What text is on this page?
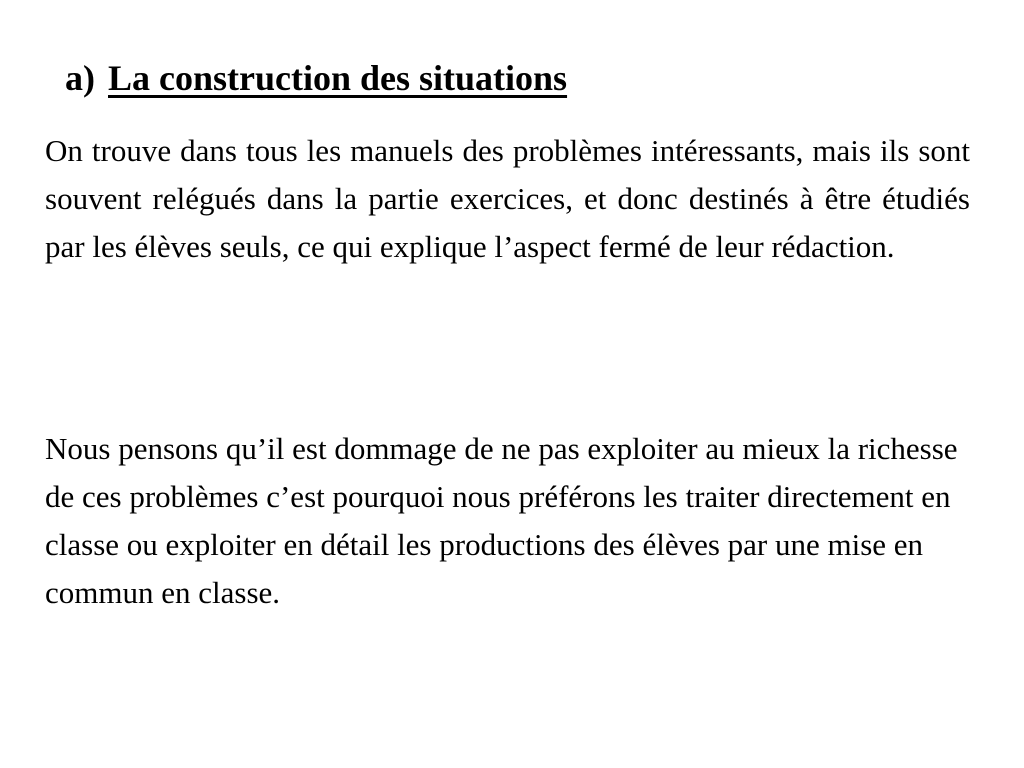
a) La construction des situations

On trouve dans tous les manuels des problèmes intéressants, mais ils sont souvent relégués dans la partie exercices, et donc destinés à être étudiés par les élèves seuls, ce qui explique l’aspect fermé de leur rédaction.

Nous pensons qu’il est dommage de ne pas exploiter au mieux la richesse de ces problèmes c’est pourquoi nous préférons les traiter directement en classe ou exploiter en détail les productions des élèves par une mise en commun en classe.
